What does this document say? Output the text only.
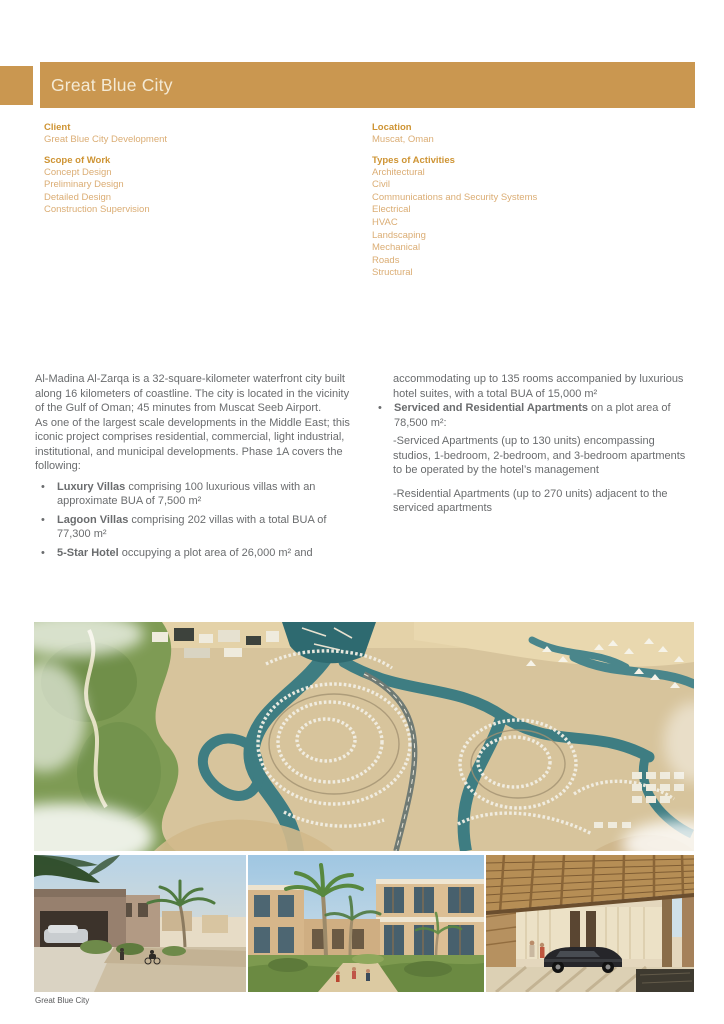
Great Blue City
Client
Great Blue City Development
Scope of Work
Concept Design
Preliminary Design
Detailed Design
Construction Supervision
Location
Muscat, Oman
Types of Activities
Architectural
Civil
Communications and Security Systems
Electrical
HVAC
Landscaping
Mechanical
Roads
Structural

Al-Madina Al-Zarqa is a 32-square-kilometer waterfront city built along 16 kilometers of coastline. The city is located in the vicinity of the Gulf of Oman; 45 minutes from Muscat Seeb Airport.

As one of the largest scale developments in the Middle East; this iconic project comprises residential, commercial, light industrial, institutional, and municipal developments. Phase 1A covers the following:

• Luxury Villas comprising 100 luxurious villas with an approximate BUA of 7,500 m²
• Lagoon Villas comprising 202 villas with a total BUA of 77,300 m²
• 5-Star Hotel occupying a plot area of 26,000 m² and
accommodating up to 135 rooms accompanied by luxurious hotel suites, with a total BUA of 15,000 m²
• Serviced and Residential Apartments on a plot area of 78,500 m²:
-Serviced Apartments (up to 130 units) encompassing studios, 1-bedroom, 2-bedroom, and 3-bedroom apartments to be operated by the hotel’s management
-Residential Apartments (up to 270 units) adjacent to the serviced apartments
Great Blue City
